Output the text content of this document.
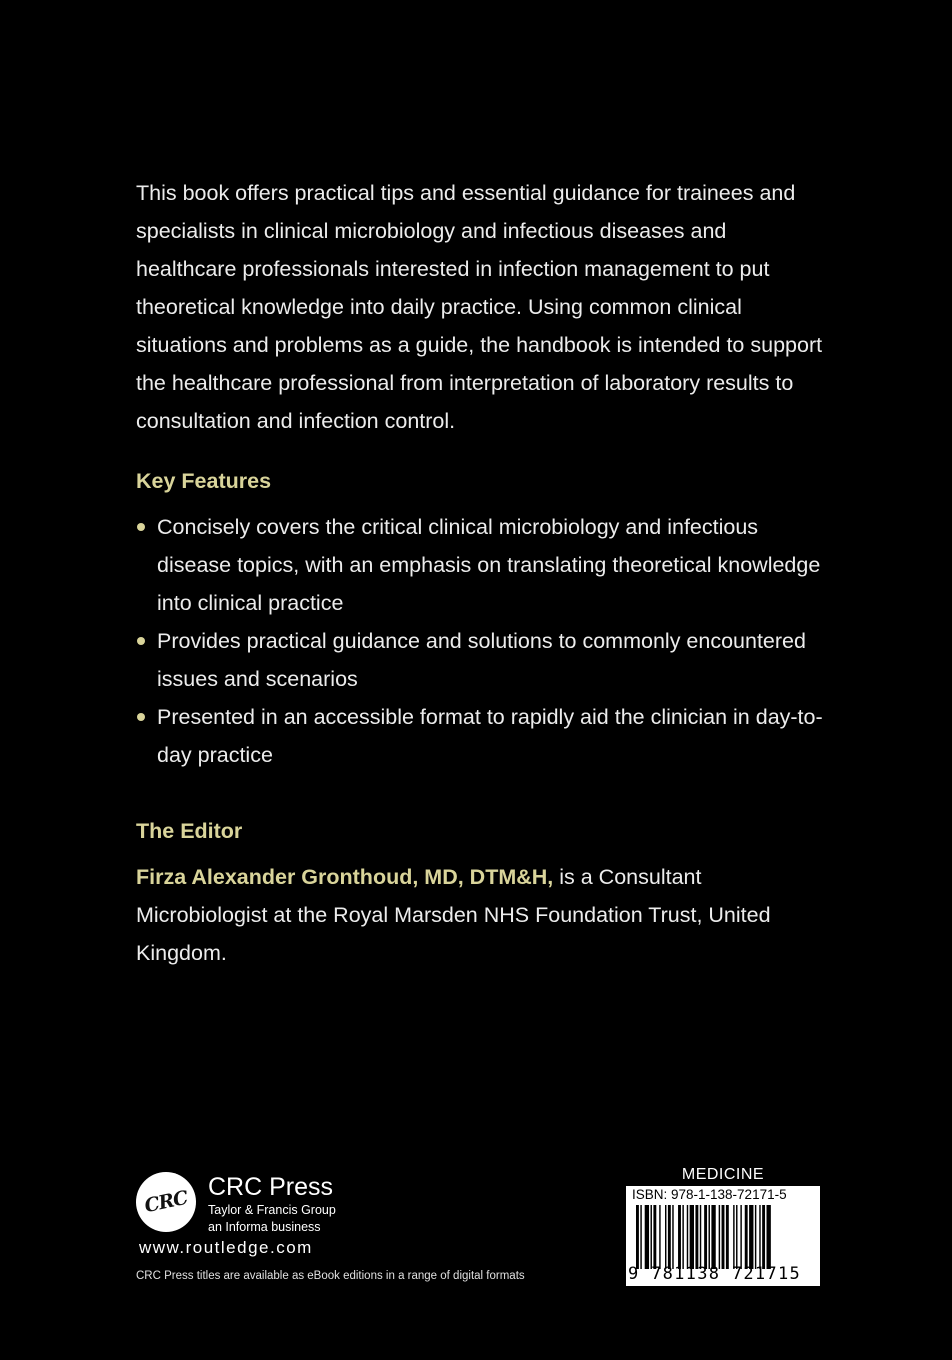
This book offers practical tips and essential guidance for trainees and specialists in clinical microbiology and infectious diseases and healthcare professionals interested in infection management to put theoretical knowledge into daily practice. Using common clinical situations and problems as a guide, the handbook is intended to support the healthcare professional from interpretation of laboratory results to consultation and infection control.

Key Features
Concisely covers the critical clinical microbiology and infectious disease topics, with an emphasis on translating theoretical knowledge into clinical practice
Provides practical guidance and solutions to commonly encountered issues and scenarios
Presented in an accessible format to rapidly aid the clinician in day-to-day practice
The Editor

Firza Alexander Gronthoud, MD, DTM&H, is a Consultant Microbiologist at the Royal Marsden NHS Foundation Trust, United Kingdom.

CRC CRC Press

Taylor & Francis Group

an Informa business

www.routledge.com

CRC Press titles are available as eBook editions in a range of digital formats

MEDICINE

ISBN: 978-1-138-72171-5

9 781138 721715
